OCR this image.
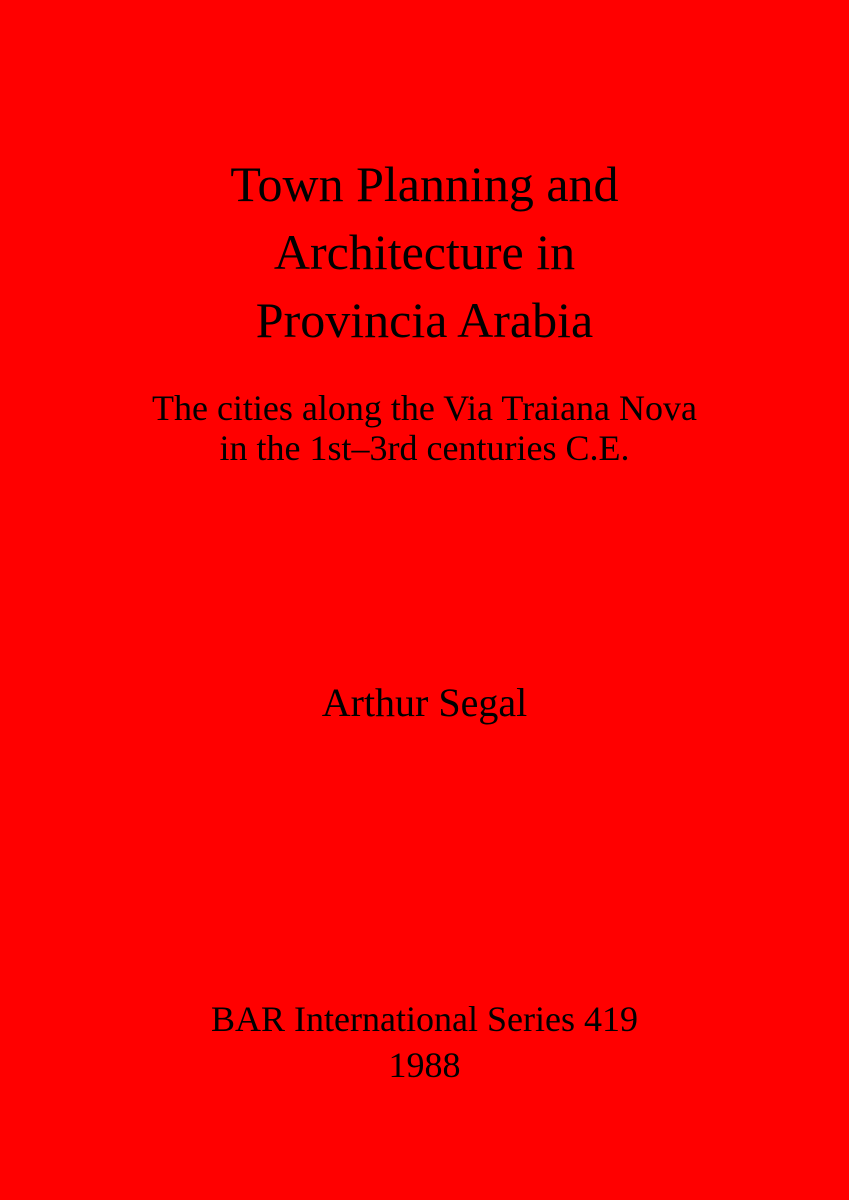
Town Planning and
Architecture in
Provincia Arabia
The cities along the Via Traiana Nova
in the 1st–3rd centuries C.E.
Arthur Segal
BAR International Series 419
1988
